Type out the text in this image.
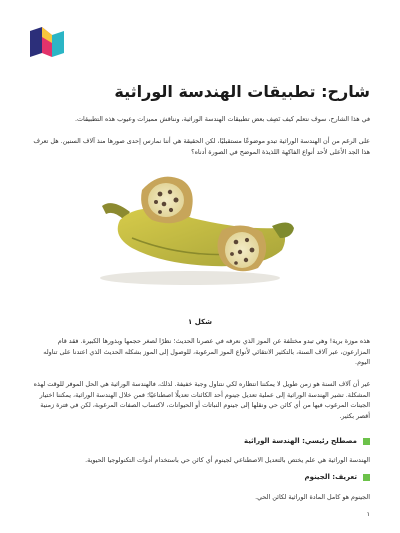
شارح: تطبيقات الهندسة الوراثية

في هذا الشارح، سوف نتعلم كيف نَصِف بعض تطبيقات الهندسة الوراثية، ونناقش مميزات وعيوب هذه التطبيقات.

على الرغم من أن الهندسة الوراثية تبدو موضوعًا مستقبليًا، لكن الحقيقة هي أننا نمارس إحدى صورها منذ آلاف السنين. هل تعرف هذا الجد الأعلى لأحد أنواع الفاكهة اللذيذة الموضح في الصورة أدناه؟

هذه موزة برية! وهي تبدو مختلفة عن الموز الذي نعرفه في عصرنا الحديث؛ نظرًا لصغر حجمها وبذورها الكبيرة. فقد قام المزارعون، عبر آلاف السنة، بالتكثير الانتقائي لأنواع الموز المرغوبة، للوصول إلى الموز بشكله الحديث الذي اعتدنا على تناوله اليوم.

غير أن آلاف السنة هو زمن طويل لا يمكننا انتظاره لكي نتناول وجبة خفيفة. لذلك، فالهندسة الوراثية هي الحل الموفر للوقت لهذه المشكلة. تشير الهندسة الوراثية إلى عملية تعديل جينوم أحد الكائنات تعديلًا اصطناعيًا؛ فمن خلال الهندسة الوراثية، يمكننا اختيار الجينات المرغوب فيها من أي كائن حي ونقلها إلى جينوم النباتات أو الحيوانات، لاكتساب الصفات المرغوبة، لكن في فترة زمنية أقصر بكثير.

مصطلح رئيسي: الهندسة الوراثية

الهندسة الوراثية هي علم يختص بالتعديل الاصطناعي لجينوم أي كائن حي باستخدام أدوات التكنولوجيا الحيوية.

تعريف: الجينوم

الجينوم هو كامل المادة الوراثية لكائن الحي.

شكل ١
١
